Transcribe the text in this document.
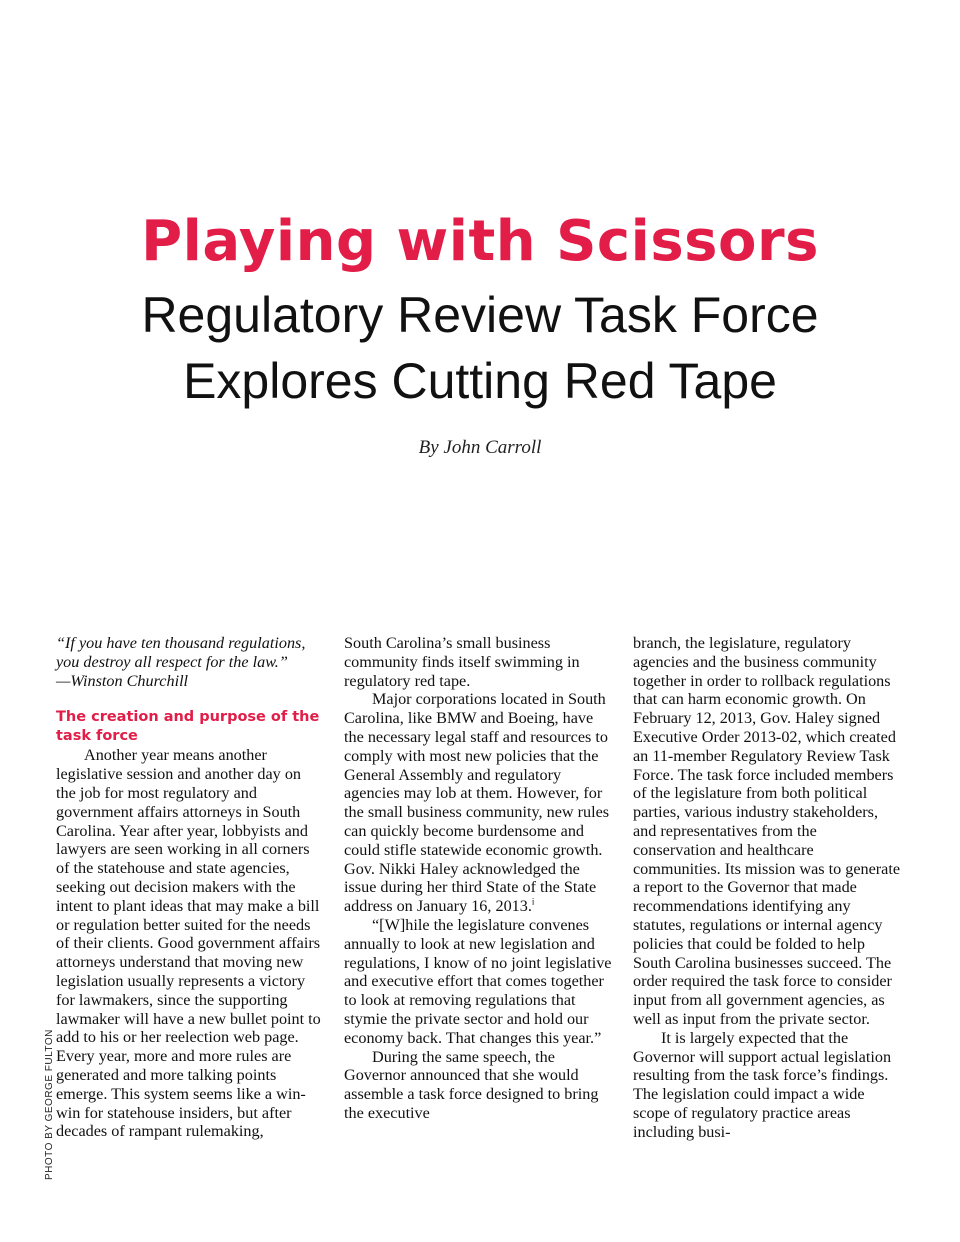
Playing with Scissors
Regulatory Review Task Force
Explores Cutting Red Tape
By John Carroll

“If you have ten thousand regulations,

you destroy all respect for the law.”

—Winston Churchill

The creation and purpose of the task force

Another year means another legislative session and another day on the job for most regulatory and government affairs attorneys in South Carolina. Year after year, lobbyists and lawyers are seen working in all corners of the statehouse and state agencies, seeking out decision makers with the intent to plant ideas that may make a bill or regulation better suited for the needs of their clients. Good government affairs attorneys understand that moving new legislation usually represents a victory for lawmakers, since the supporting lawmaker will have a new bullet point to add to his or her reelection web page. Every year, more and more rules are generated and more talking points emerge. This system seems like a win-win for statehouse insiders, but after decades of rampant rulemaking,

South Carolina’s small business community finds itself swimming in regulatory red tape.

Major corporations located in South Carolina, like BMW and Boeing, have the necessary legal staff and resources to comply with most new policies that the General Assembly and regulatory agencies may lob at them. However, for the small business community, new rules can quickly become burdensome and could stifle statewide economic growth. Gov. Nikki Haley acknowledged the issue during her third State of the State address on January 16, 2013.$^i$

“[W]hile the legislature convenes annually to look at new legislation and regulations, I know of no joint legislative and executive effort that comes together to look at removing regulations that stymie the private sector and hold our economy back. That changes this year.”

During the same speech, the Governor announced that she would assemble a task force designed to bring the executive

branch, the legislature, regulatory agencies and the business community together in order to rollback regulations that can harm economic growth. On February 12, 2013, Gov. Haley signed Executive Order 2013-02, which created an 11-member Regulatory Review Task Force. The task force included members of the legislature from both political parties, various industry stakeholders, and representatives from the conservation and healthcare communities. Its mission was to generate a report to the Governor that made recommendations identifying any statutes, regulations or internal agency policies that could be folded to help South Carolina businesses succeed. The order required the task force to consider input from all government agencies, as well as input from the private sector.

It is largely expected that the Governor will support actual legislation resulting from the task force’s findings. The legislation could impact a wide scope of regulatory practice areas including busi-

PHOTO BY GEORGE FULTON
